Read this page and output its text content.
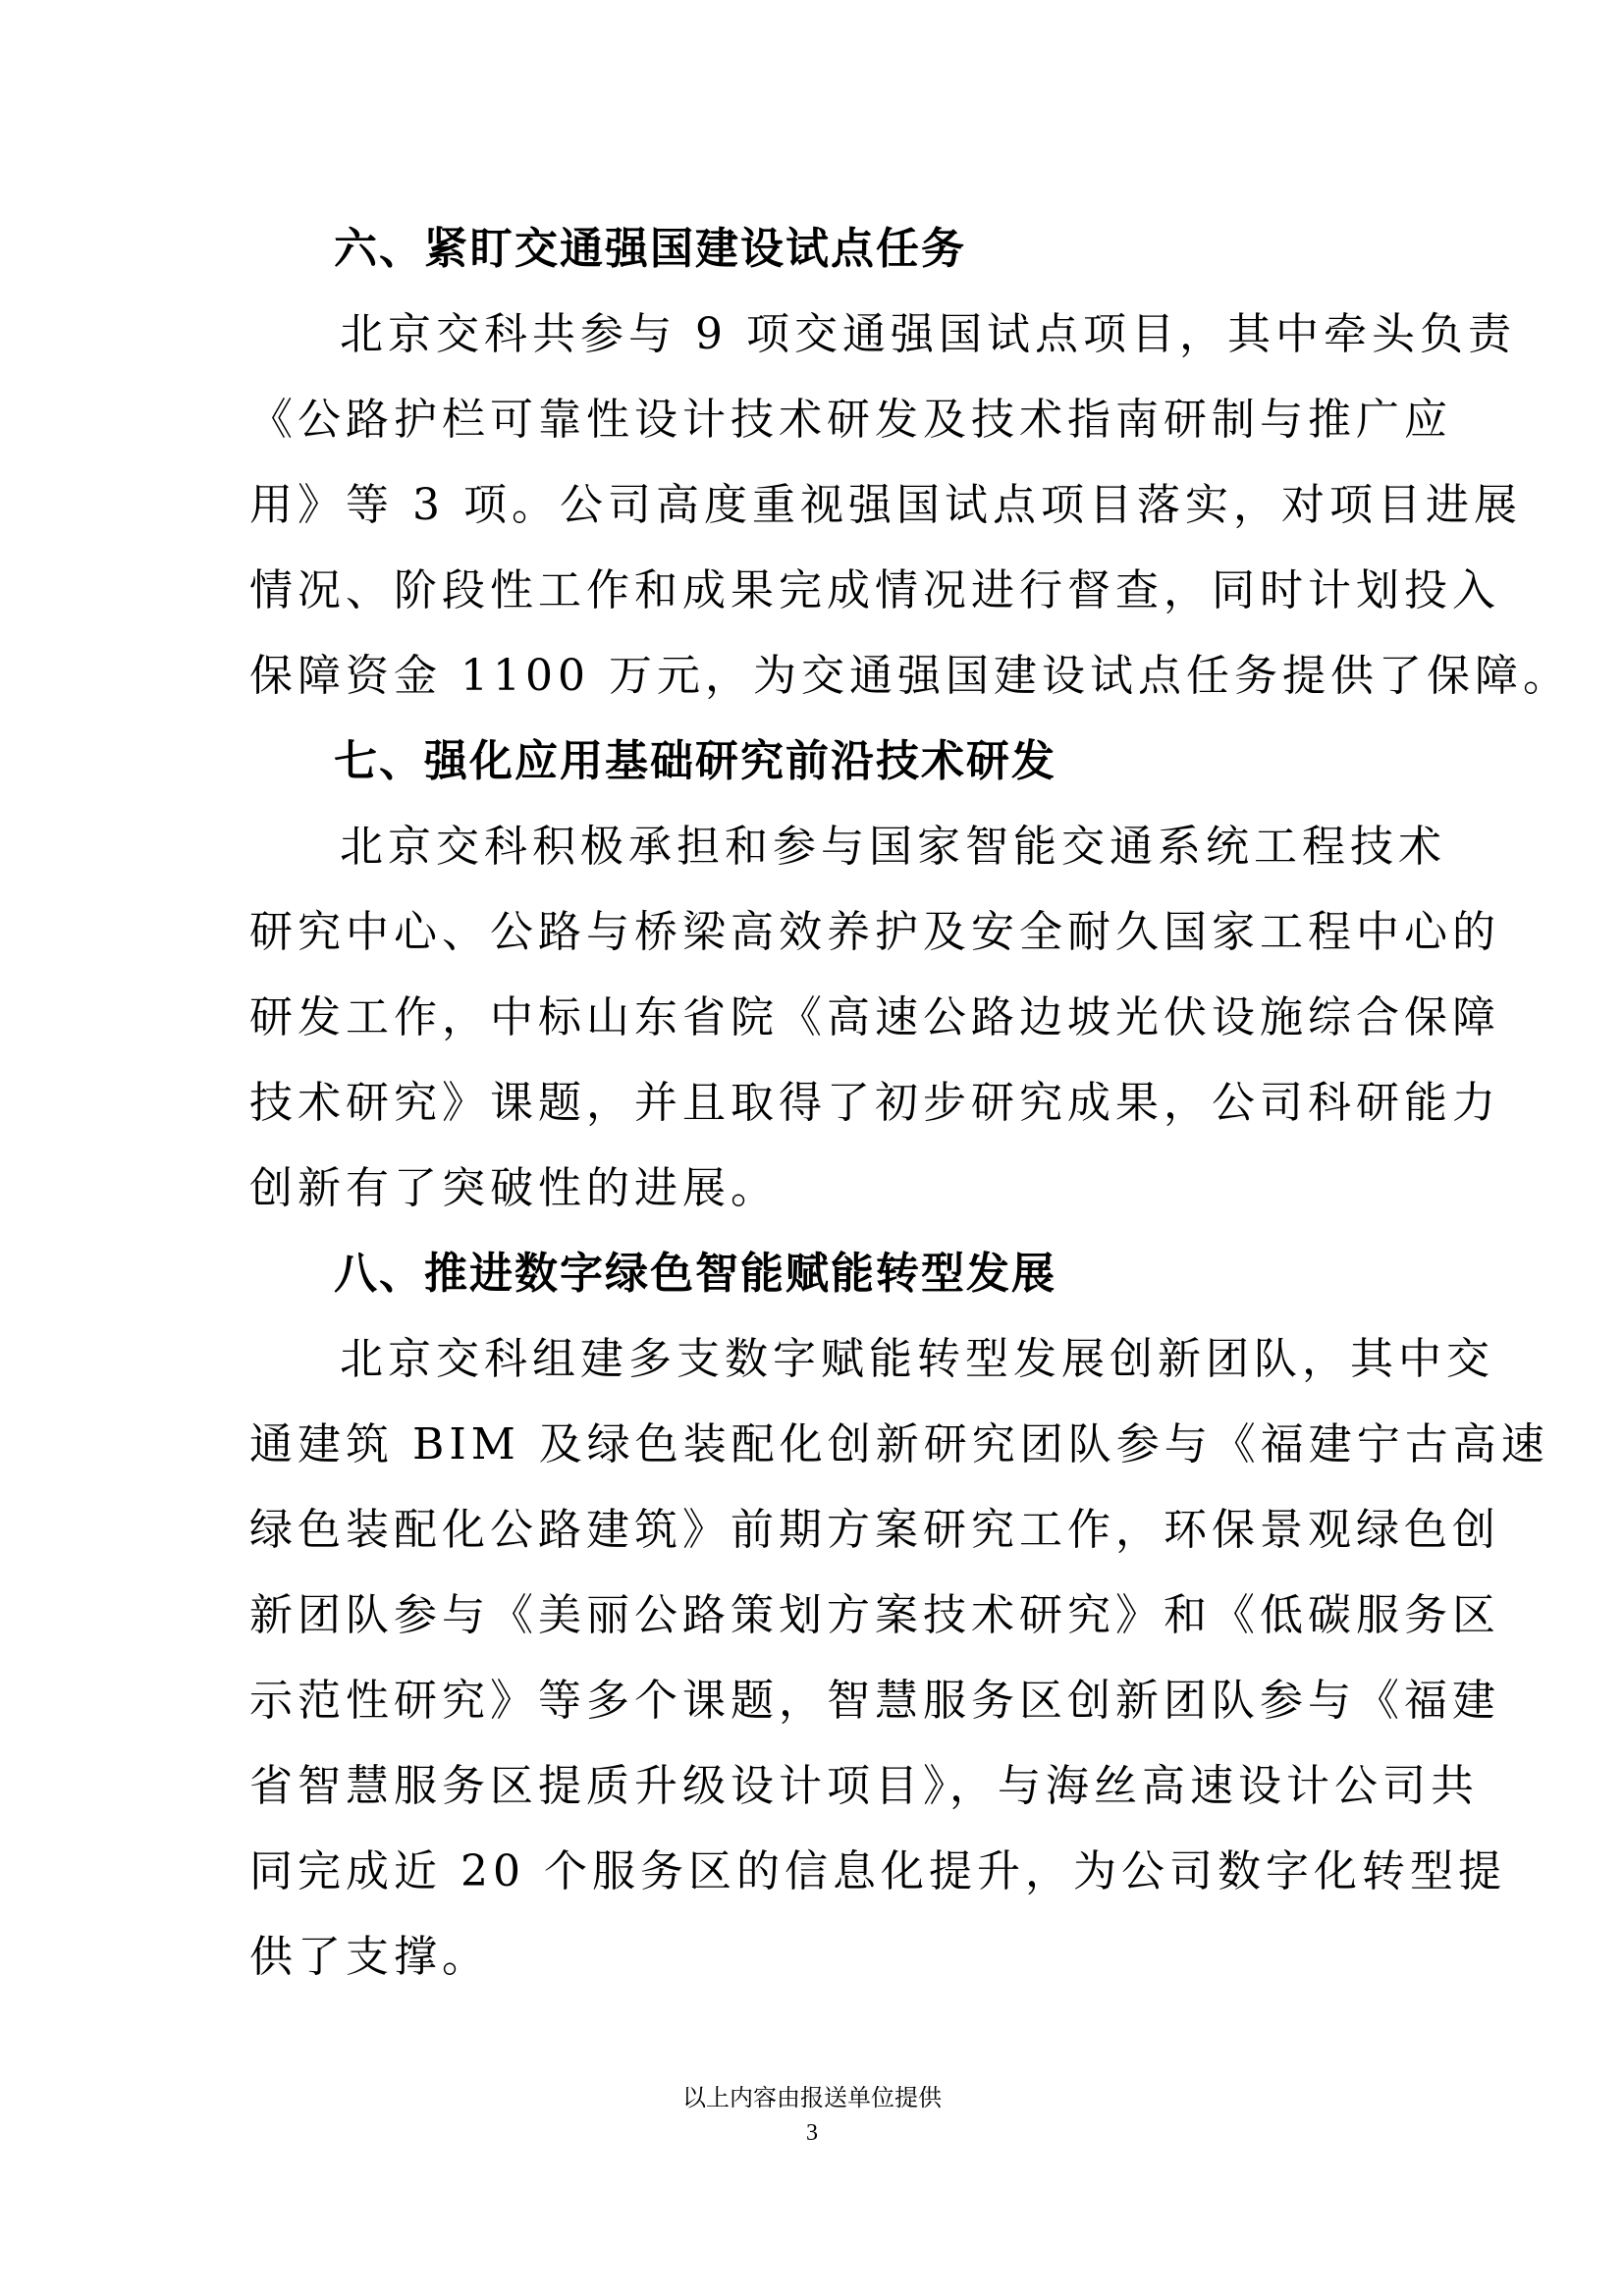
六、紧盯交通强国建设试点任务

北京交科共参与 9 项交通强国试点项目，其中牵头负责
《公路护栏可靠性设计技术研发及技术指南研制与推广应
用》等 3 项。公司高度重视强国试点项目落实，对项目进展
情况、阶段性工作和成果完成情况进行督查，同时计划投入
保障资金 1100 万元，为交通强国建设试点任务提供了保障。

七、强化应用基础研究前沿技术研发

北京交科积极承担和参与国家智能交通系统工程技术
研究中心、公路与桥梁高效养护及安全耐久国家工程中心的
研发工作，中标山东省院《高速公路边坡光伏设施综合保障
技术研究》课题，并且取得了初步研究成果，公司科研能力
创新有了突破性的进展。

八、推进数字绿色智能赋能转型发展

北京交科组建多支数字赋能转型发展创新团队，其中交
通建筑 BIM 及绿色装配化创新研究团队参与《福建宁古高速
绿色装配化公路建筑》前期方案研究工作，环保景观绿色创
新团队参与《美丽公路策划方案技术研究》和《低碳服务区
示范性研究》等多个课题，智慧服务区创新团队参与《福建
省智慧服务区提质升级设计项目》，与海丝高速设计公司共
同完成近 20 个服务区的信息化提升，为公司数字化转型提
供了支撑。

以上内容由报送单位提供
3
